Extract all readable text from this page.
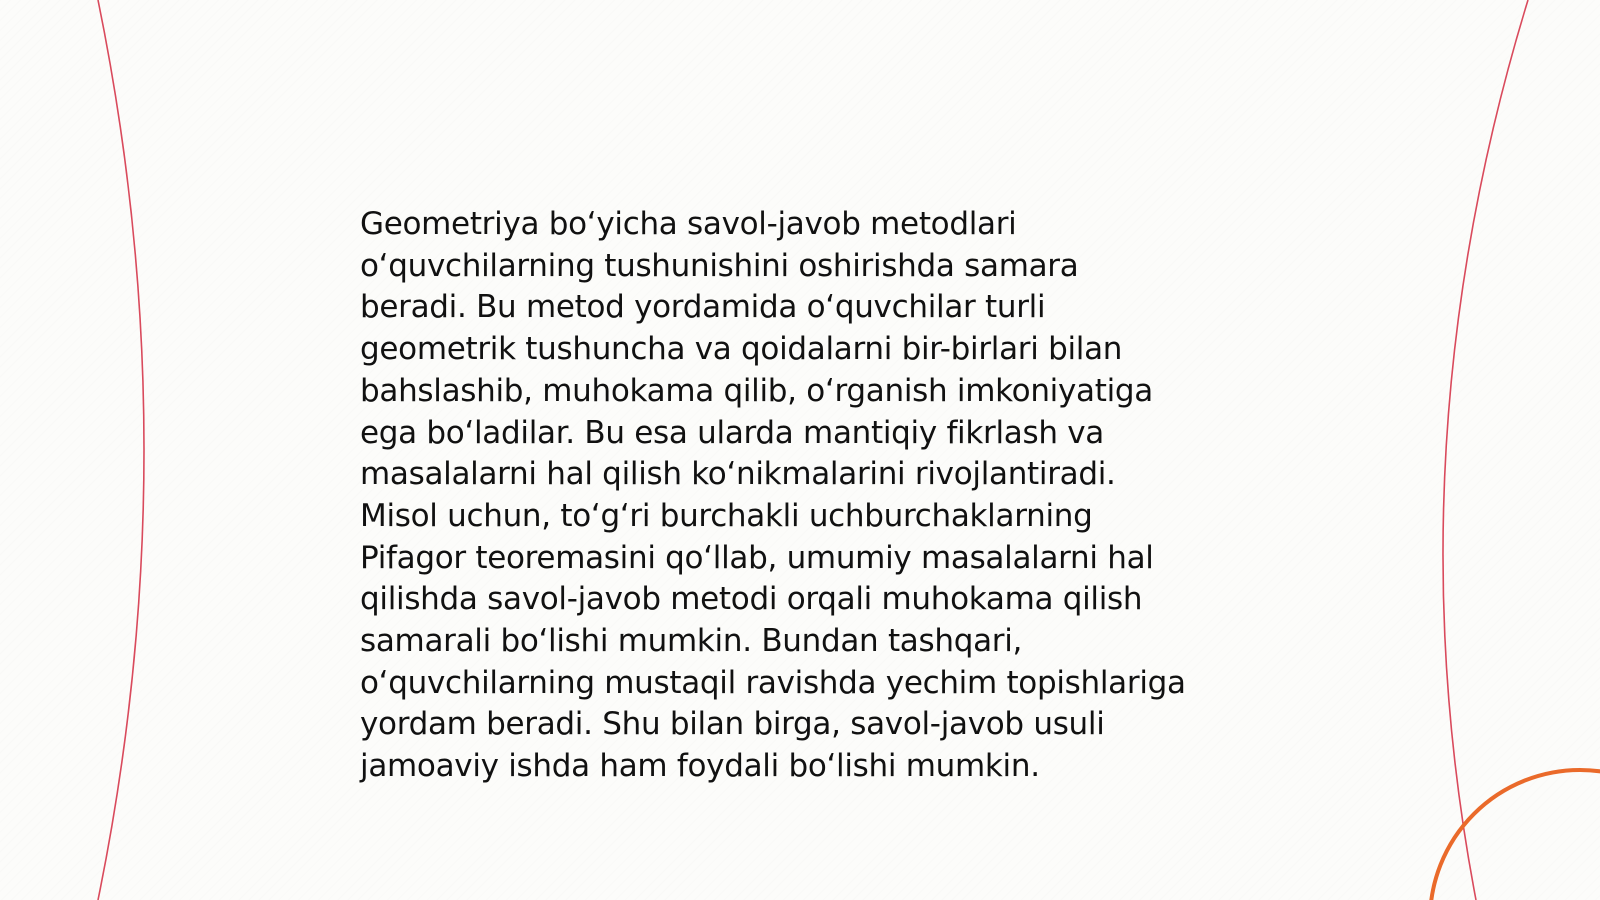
Geometriya bo‘yicha savol-javob metodlari
o‘quvchilarning tushunishini oshirishda samara
beradi. Bu metod yordamida o‘quvchilar turli
geometrik tushuncha va qoidalarni bir-birlari bilan
bahslashib, muhokama qilib, o‘rganish imkoniyatiga
ega bo‘ladilar. Bu esa ularda mantiqiy fikrlash va
masalalarni hal qilish ko‘nikmalarini rivojlantiradi.
Misol uchun, to‘g‘ri burchakli uchburchaklarning
Pifagor teoremasini qo‘llab, umumiy masalalarni hal
qilishda savol-javob metodi orqali muhokama qilish
samarali bo‘lishi mumkin. Bundan tashqari,
o‘quvchilarning mustaqil ravishda yechim topishlariga
yordam beradi. Shu bilan birga, savol-javob usuli
jamoaviy ishda ham foydali bo‘lishi mumkin.
